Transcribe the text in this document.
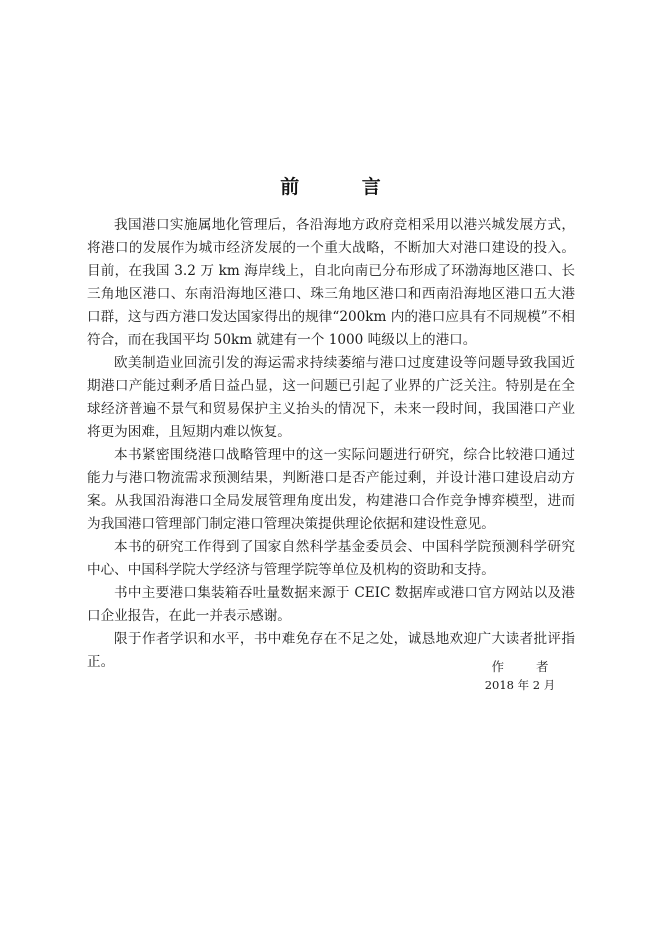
前 言

我国港口实施属地化管理后，各沿海地方政府竞相采用以港兴城发展方式，将港口的发展作为城市经济发展的一个重大战略，不断加大对港口建设的投入。目前，在我国 3.2 万 km 海岸线上，自北向南已分布形成了环渤海地区港口、长三角地区港口、东南沿海地区港口、珠三角地区港口和西南沿海地区港口五大港口群，这与西方港口发达国家得出的规律“200km 内的港口应具有不同规模”不相符合，而在我国平均 50km 就建有一个 1000 吨级以上的港口。

欧美制造业回流引发的海运需求持续萎缩与港口过度建设等问题导致我国近期港口产能过剩矛盾日益凸显，这一问题已引起了业界的广泛关注。特别是在全球经济普遍不景气和贸易保护主义抬头的情况下，未来一段时间，我国港口产业将更为困难，且短期内难以恢复。

本书紧密围绕港口战略管理中的这一实际问题进行研究，综合比较港口通过能力与港口物流需求预测结果，判断港口是否产能过剩，并设计港口建设启动方案。从我国沿海港口全局发展管理角度出发，构建港口合作竞争博弈模型，进而为我国港口管理部门制定港口管理决策提供理论依据和建设性意见。

本书的研究工作得到了国家自然科学基金委员会、中国科学院预测科学研究中心、中国科学院大学经济与管理学院等单位及机构的资助和支持。

书中主要港口集装箱吞吐量数据来源于 CEIC 数据库或港口官方网站以及港口企业报告，在此一并表示感谢。

限于作者学识和水平，书中难免存在不足之处，诚恳地欢迎广大读者批评指正。	作 者
2018 年 2 月
